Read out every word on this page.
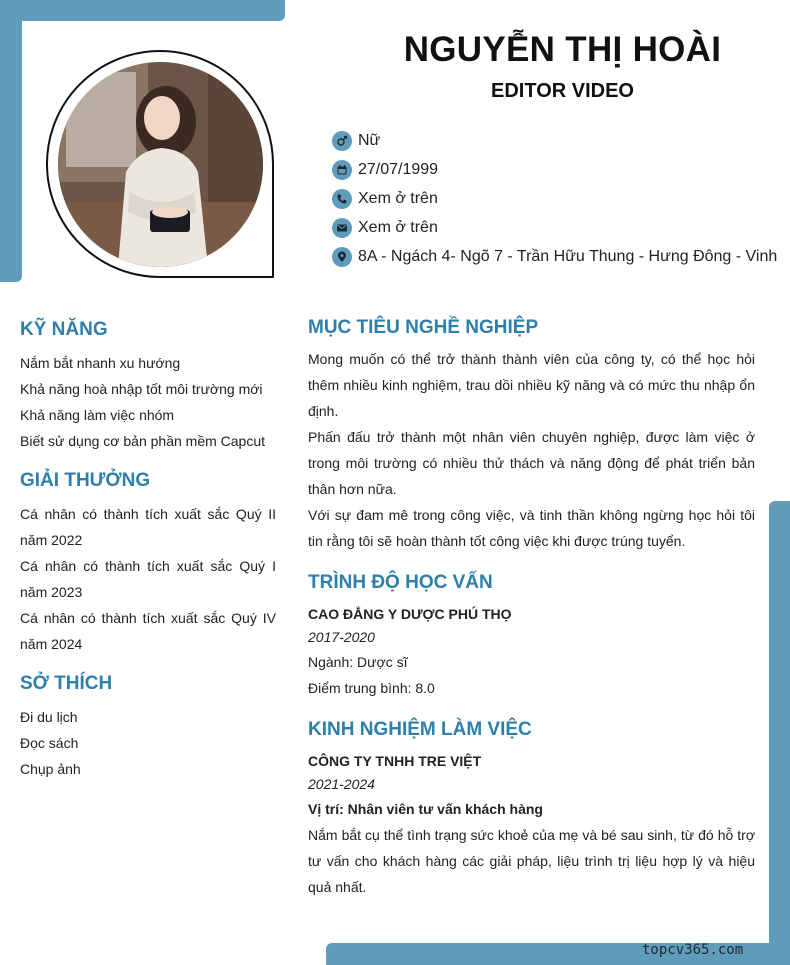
NGUYỄN THỊ HOÀI
EDITOR VIDEO
Nữ
27/07/1999
Xem ở trên
Xem ở trên
8A - Ngách 4- Ngõ 7 - Trần Hữu Thung - Hưng Đông - Vinh
KỸ NĂNG
Nắm bắt nhanh xu hướng
Khả năng hoà nhập tốt môi trường mới
Khả năng làm việc nhóm
Biết sử dụng cơ bản phần mềm Capcut
GIẢI THƯỞNG

Cá nhân có thành tích xuất sắc Quý II năm 2022

Cá nhân có thành tích xuất sắc Quý I năm 2023

Cá nhân có thành tích xuất sắc Quý IV năm 2024

SỞ THÍCH
Đi du lịch
Đọc sách
Chụp ảnh
MỤC TIÊU NGHỀ NGHIỆP

Mong muốn có thể trở thành thành viên của công ty, có thể học hỏi thêm nhiều kinh nghiệm, trau dồi nhiều kỹ năng và có mức thu nhập ổn định.

Phấn đấu trở thành một nhân viên chuyên nghiệp, được làm việc ở trong môi trường có nhiều thử thách và năng động để phát triển bản thân hơn nữa.

Với sự đam mê trong công việc, và tinh thần không ngừng học hỏi tôi tin rằng tôi sẽ hoàn thành tốt công việc khi được trúng tuyển.

TRÌNH ĐỘ HỌC VẤN
CAO ĐẲNG Y DƯỢC PHÚ THỌ
2017-2020
Ngành: Dược sĩ
Điểm trung bình: 8.0
KINH NGHIỆM LÀM VIỆC
CÔNG TY TNHH TRE VIỆT
2021-2024
Vị trí: Nhân viên tư vấn khách hàng

Nắm bắt cụ thể tình trạng sức khoẻ của mẹ và bé sau sinh, từ đó hỗ trợ tư vấn cho khách hàng các giải pháp, liệu trình trị liệu hợp lý và hiệu quả nhất.

topcv365.com
